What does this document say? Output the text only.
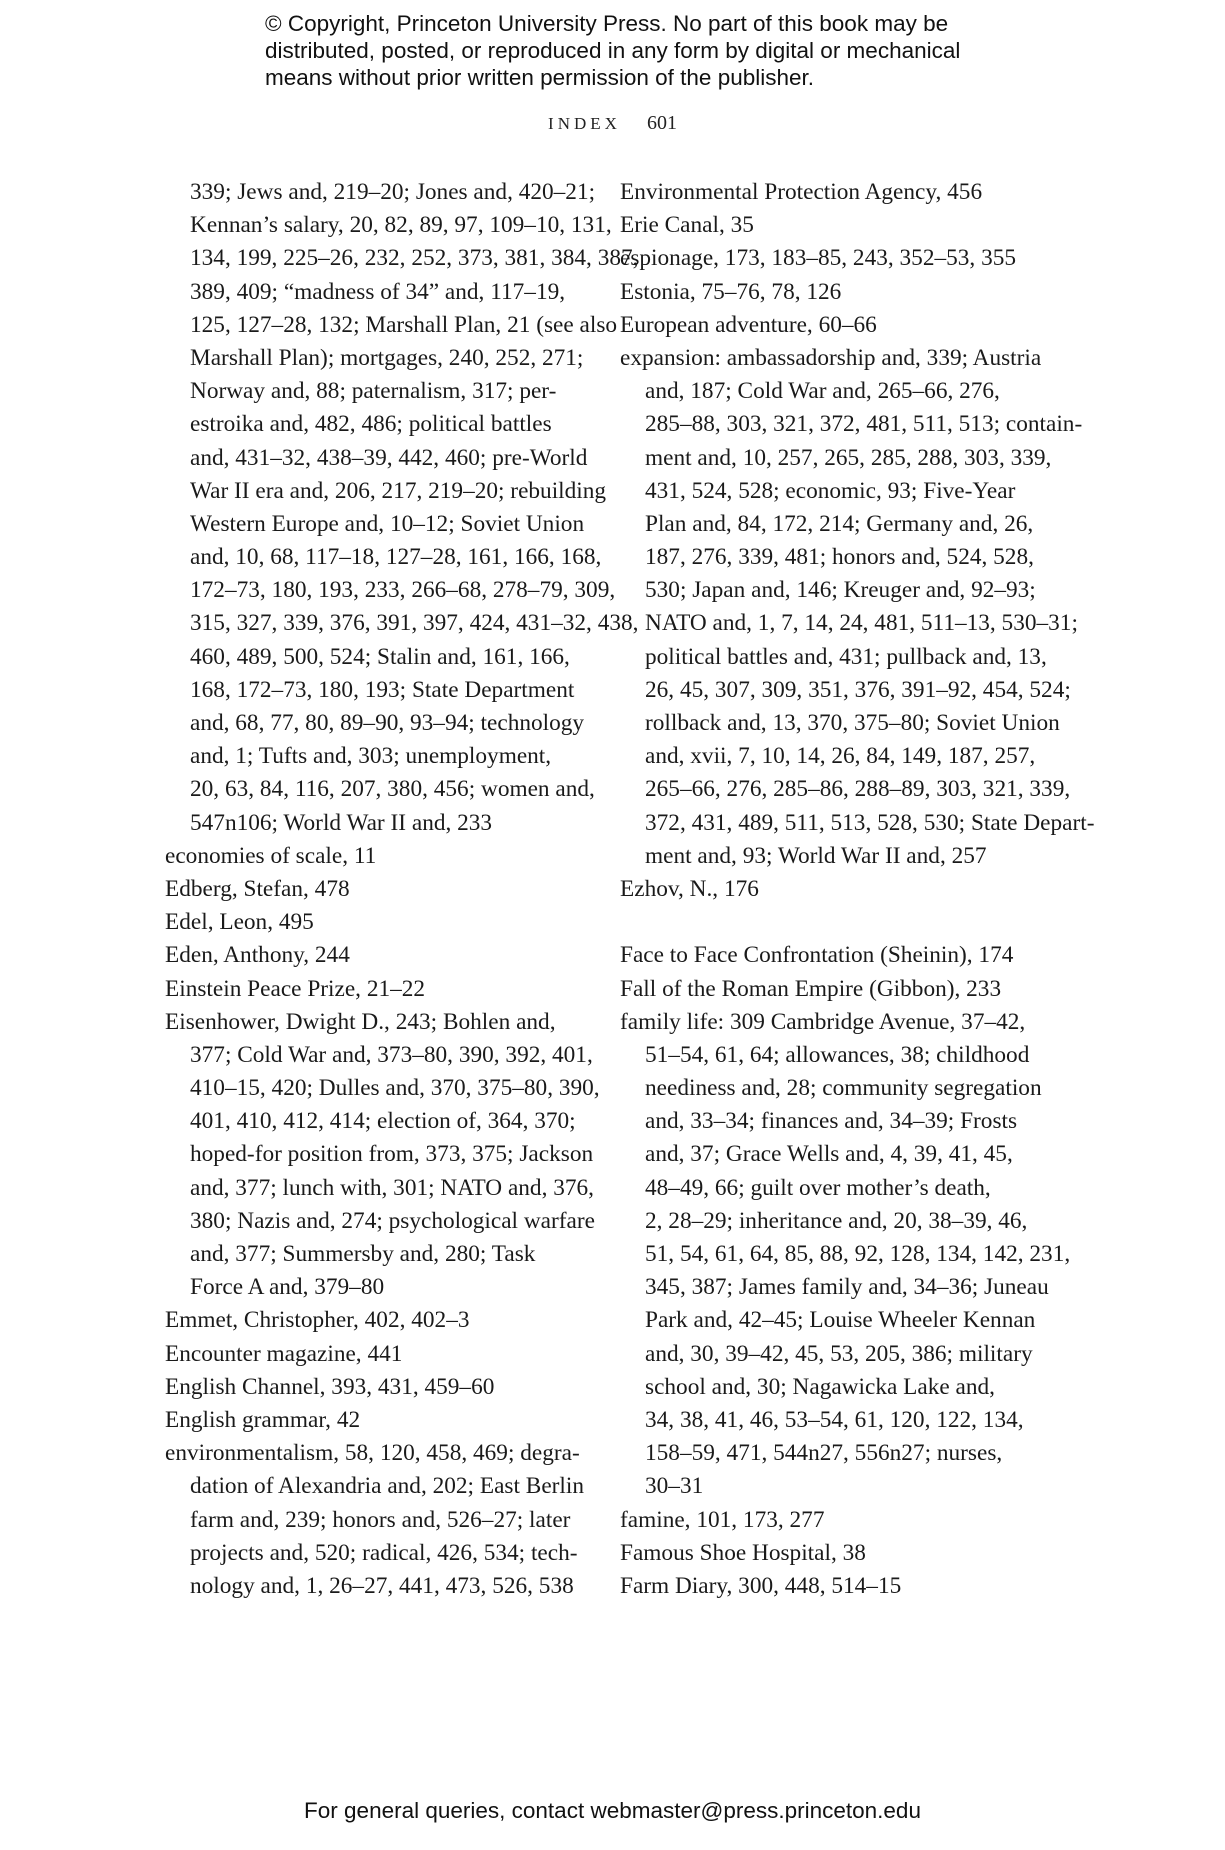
© Copyright, Princeton University Press. No part of this book may be
distributed, posted, or reproduced in any form by digital or mechanical
means without prior written permission of the publisher.
INDEX 601
339; Jews and, 219–20; Jones and, 420–21;
Kennan’s salary, 20, 82, 89, 97, 109–10, 131,
134, 199, 225–26, 232, 252, 373, 381, 384, 387,
389, 409; “madness of 34” and, 117–19,
125, 127–28, 132; Marshall Plan, 21 (see also
Marshall Plan); mortgages, 240, 252, 271;
Norway and, 88; paternalism, 317; per-
estroika and, 482, 486; political battles
and, 431–32, 438–39, 442, 460; pre-World
War II era and, 206, 217, 219–20; rebuilding
Western Europe and, 10–12; Soviet Union
and, 10, 68, 117–18, 127–28, 161, 166, 168,
172–73, 180, 193, 233, 266–68, 278–79, 309,
315, 327, 339, 376, 391, 397, 424, 431–32, 438,
460, 489, 500, 524; Stalin and, 161, 166,
168, 172–73, 180, 193; State Department
and, 68, 77, 80, 89–90, 93–94; technology
and, 1; Tufts and, 303; unemployment,
20, 63, 84, 116, 207, 380, 456; women and,
547n106; World War II and, 233
economies of scale, 11
Edberg, Stefan, 478
Edel, Leon, 495
Eden, Anthony, 244
Einstein Peace Prize, 21–22
Eisenhower, Dwight D., 243; Bohlen and,
377; Cold War and, 373–80, 390, 392, 401,
410–15, 420; Dulles and, 370, 375–80, 390,
401, 410, 412, 414; election of, 364, 370;
hoped-for position from, 373, 375; Jackson
and, 377; lunch with, 301; NATO and, 376,
380; Nazis and, 274; psychological warfare
and, 377; Summersby and, 280; Task
Force A and, 379–80
Emmet, Christopher, 402, 402–3
Encounter magazine, 441
English Channel, 393, 431, 459–60
English grammar, 42
environmentalism, 58, 120, 458, 469; degra-
dation of Alexandria and, 202; East Berlin
farm and, 239; honors and, 526–27; later
projects and, 520; radical, 426, 534; tech-
nology and, 1, 26–27, 441, 473, 526, 538
Environmental Protection Agency, 456
Erie Canal, 35
espionage, 173, 183–85, 243, 352–53, 355
Estonia, 75–76, 78, 126
European adventure, 60–66
expansion: ambassadorship and, 339; Austria
and, 187; Cold War and, 265–66, 276,
285–88, 303, 321, 372, 481, 511, 513; contain-
ment and, 10, 257, 265, 285, 288, 303, 339,
431, 524, 528; economic, 93; Five-Year
Plan and, 84, 172, 214; Germany and, 26,
187, 276, 339, 481; honors and, 524, 528,
530; Japan and, 146; Kreuger and, 92–93;
NATO and, 1, 7, 14, 24, 481, 511–13, 530–31;
political battles and, 431; pullback and, 13,
26, 45, 307, 309, 351, 376, 391–92, 454, 524;
rollback and, 13, 370, 375–80; Soviet Union
and, xvii, 7, 10, 14, 26, 84, 149, 187, 257,
265–66, 276, 285–86, 288–89, 303, 321, 339,
372, 431, 489, 511, 513, 528, 530; State Depart-
ment and, 93; World War II and, 257
Ezhov, N., 176
Face to Face Confrontation (Sheinin), 174
Fall of the Roman Empire (Gibbon), 233
family life: 309 Cambridge Avenue, 37–42,
51–54, 61, 64; allowances, 38; childhood
neediness and, 28; community segregation
and, 33–34; finances and, 34–39; Frosts
and, 37; Grace Wells and, 4, 39, 41, 45,
48–49, 66; guilt over mother’s death,
2, 28–29; inheritance and, 20, 38–39, 46,
51, 54, 61, 64, 85, 88, 92, 128, 134, 142, 231,
345, 387; James family and, 34–36; Juneau
Park and, 42–45; Louise Wheeler Kennan
and, 30, 39–42, 45, 53, 205, 386; military
school and, 30; Nagawicka Lake and,
34, 38, 41, 46, 53–54, 61, 120, 122, 134,
158–59, 471, 544n27, 556n27; nurses,
30–31
famine, 101, 173, 277
Famous Shoe Hospital, 38
Farm Diary, 300, 448, 514–15
For general queries, contact webmaster@press.princeton.edu
